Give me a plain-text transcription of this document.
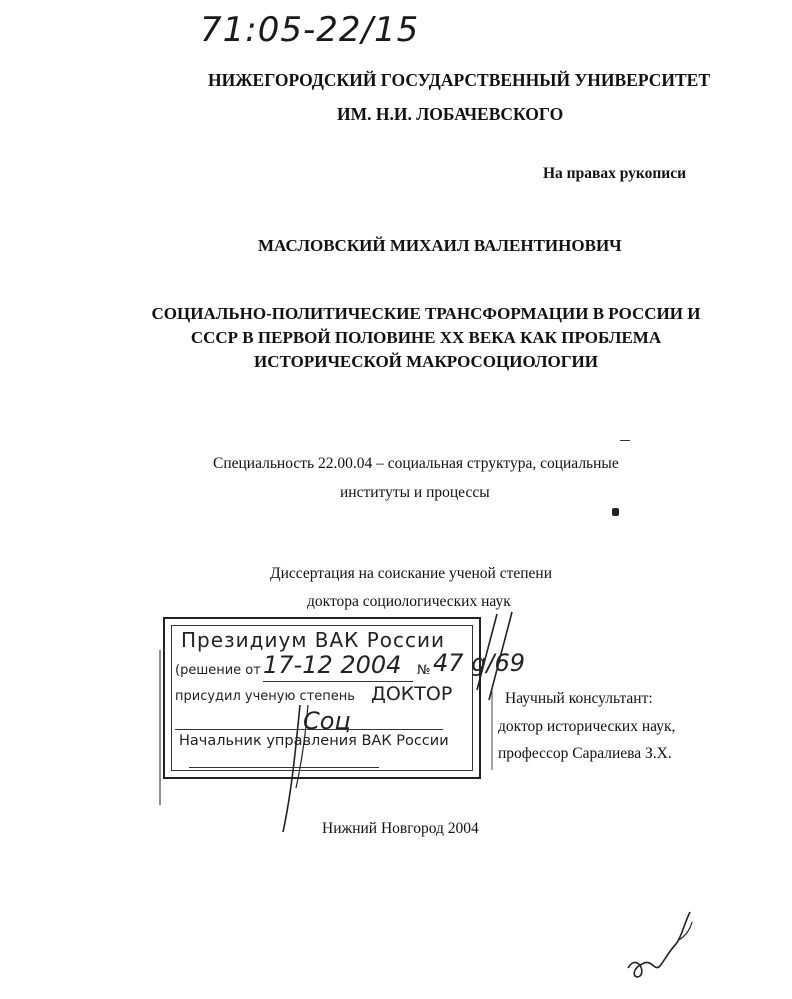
71:05-22/15
НИЖЕГОРОДСКИЙ ГОСУДАРСТВЕННЫЙ УНИВЕРСИТЕТ
ИМ. Н.И. ЛОБАЧЕВСКОГО
На правах рукописи
МАСЛОВСКИЙ МИХАИЛ ВАЛЕНТИНОВИЧ
СОЦИАЛЬНО-ПОЛИТИЧЕСКИЕ ТРАНСФОРМАЦИИ В РОССИИ И
СССР В ПЕРВОЙ ПОЛОВИНЕ XX ВЕКА КАК ПРОБЛЕМА
ИСТОРИЧЕСКОЙ МАКРОСОЦИОЛОГИИ
Специальность 22.00.04 – социальная структура, социальные
институты и процессы
Диссертация на соискание ученой степени
доктора социологических наук
Президиум ВАК России
(решение от 17-12 2004 № 47 g/69
присудил ученую степень ДОКТОР
Соц
Начальник управления ВАК России
Научный консультант:
доктор исторических наук,
профессор Саралиева З.Х.
Нижний Новгород 2004
